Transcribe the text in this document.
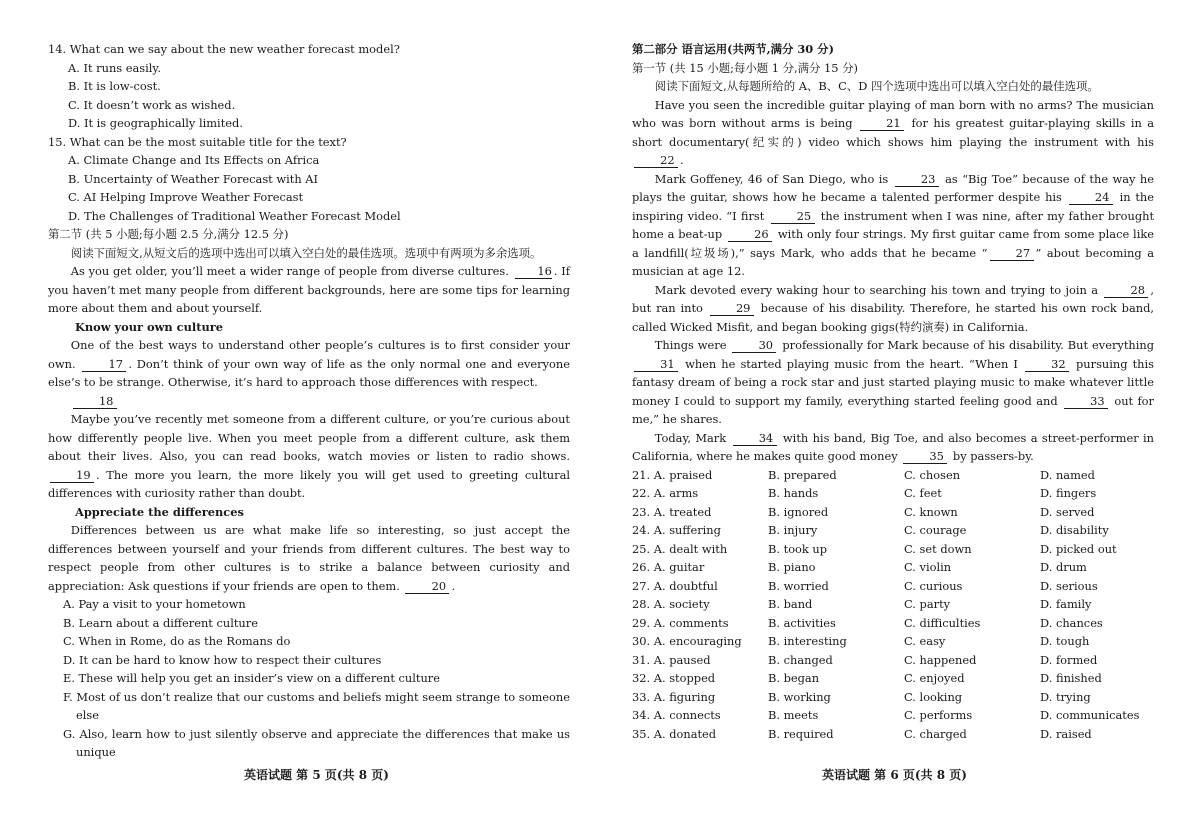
14. What can we say about the new weather forecast model?

A. It runs easily.

B. It is low-cost.

C. It doesn’t work as wished.

D. It is geographically limited.

15. What can be the most suitable title for the text?

A. Climate Change and Its Effects on Africa

B. Uncertainty of Weather Forecast with AI

C. AI Helping Improve Weather Forecast

D. The Challenges of Traditional Weather Forecast Model

第二节 (共 5 小题;每小题 2.5 分,满分 12.5 分)

阅读下面短文,从短文后的选项中选出可以填入空白处的最佳选项。选项中有两项为多余选项。

As you get older, you’ll meet a wider range of people from diverse cultures.	16 . If you haven’t met many people from different backgrounds, here are some tips for learning more about them and about yourself.

Know your own culture

One of the best ways to understand other people’s cultures is to first consider your own.	17 . Don’t think of your own way of life as the only normal one and everyone else’s to be strange. Otherwise, it’s hard to approach those differences with respect.

18

Maybe you’ve recently met someone from a different culture, or you’re curious about how differently people live. When you meet people from a different culture, ask them about their lives. Also, you can read books, watch movies or listen to radio shows. 19 . The more you learn, the more likely you will get used to greeting cultural differences with curiosity rather than doubt.

Appreciate the differences

Differences between us are what make life so interesting, so just accept the differences between yourself and your friends from different cultures. The best way to respect people from other cultures is to strike a balance between curiosity and appreciation: Ask questions if your friends are open to them.	20 .

A. Pay a visit to your hometown

B. Learn about a different culture

C. When in Rome, do as the Romans do

D. It can be hard to know how to respect their cultures

E. These will help you get an insider’s view on a different culture

F. Most of us don’t realize that our customs and beliefs might seem strange to someone else

G. Also, learn how to just silently observe and appreciate the differences that make us unique

第二部分 语言运用(共两节,满分 30 分)

第一节 (共 15 小题;每小题 1 分,满分 15 分)

阅读下面短文,从每题所给的 A、B、C、D 四个选项中选出可以填入空白处的最佳选项。

Have you seen the incredible guitar playing of man born with no arms? The musician who was born without arms is being	21 for his greatest guitar-playing skills in a short documentary(纪实的) video which shows him playing the instrument with his 22 .

Mark Goffeney, 46 of San Diego, who is	23 as “Big Toe” because of the way he plays the guitar, shows how he became a talented performer despite his	24 in the inspiring video. “I first	25 the instrument when I was nine, after my father brought home a beat-up	26 with only four strings. My first guitar came from some place like a landfill(垃圾场),” says Mark, who adds that he became “ 27 ” about becoming a musician at age 12.

Mark devoted every waking hour to searching his town and trying to join a	28 , but ran into	29 because of his disability. Therefore, he started his own rock band, called Wicked Misfit, and began booking gigs(特约演奏) in California.

Things were	30 professionally for Mark because of his disability. But everything 31 when he started playing music from the heart. “When I	32 pursuing this fantasy dream of being a rock star and just started playing music to make whatever little money I could to support my family, everything started feeling good and	33 out for me,” he shares.

Today, Mark	34 with his band, Big Toe, and also becomes a street-performer in California, where he makes quite good money	35 by passers-by.

21. A. praised	B. prepared	C. chosen	D. named
22. A. arms	B. hands	C. feet	D. fingers
23. A. treated	B. ignored	C. known	D. served
24. A. suffering	B. injury	C. courage	D. disability
25. A. dealt with	B. took up	C. set down	D. picked out
26. A. guitar	B. piano	C. violin	D. drum
27. A. doubtful	B. worried	C. curious	D. serious
28. A. society	B. band	C. party	D. family
29. A. comments	B. activities	C. difficulties	D. chances
30. A. encouraging	B. interesting	C. easy	D. tough
31. A. paused	B. changed	C. happened	D. formed
32. A. stopped	B. began	C. enjoyed	D. finished
33. A. figuring	B. working	C. looking	D. trying
34. A. connects	B. meets	C. performs	D. communicates
35. A. donated	B. required	C. charged	D. raised
英语试题 第 5 页(共 8 页)	英语试题 第 6 页(共 8 页)
